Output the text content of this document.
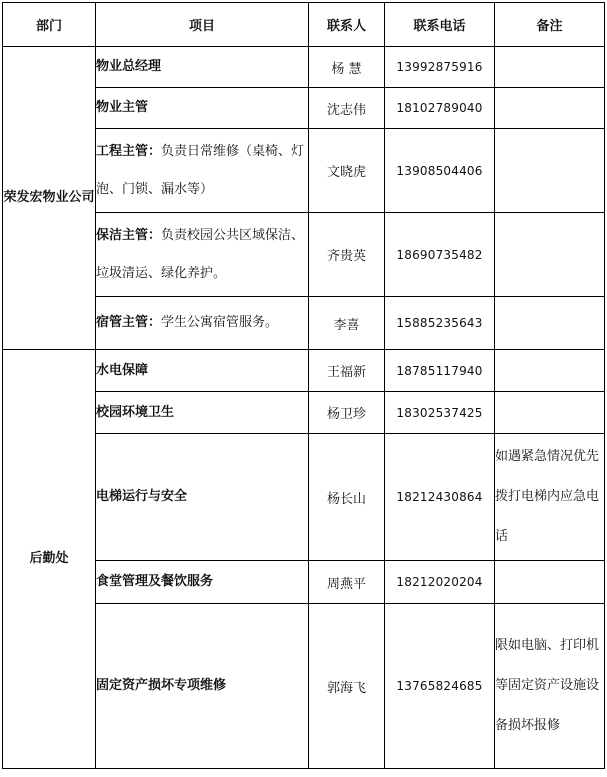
部门	项目	联系人	联系电话	备注
荣发宏物业公司	物业总经理	杨 慧	13992875916	
	物业主管	沈志伟	18102789040	
	工程主管：负责日常维修（桌椅、灯泡、门锁、漏水等）	文晓虎	13908504406	
	保洁主管：负责校园公共区域保洁、垃圾清运、绿化养护。	齐贵英	18690735482	
	宿管主管：学生公寓宿管服务。	李喜	15885235643	
后勤处	水电保障	王福新	18785117940	
	校园环境卫生	杨卫珍	18302537425	
	电梯运行与安全	杨长山	18212430864	如遇紧急情况优先拨打电梯内应急电话
	食堂管理及餐饮服务	周燕平	18212020204	
	固定资产损坏专项维修	郭海飞	13765824685	限如电脑、打印机等固定资产设施设备损坏报修
